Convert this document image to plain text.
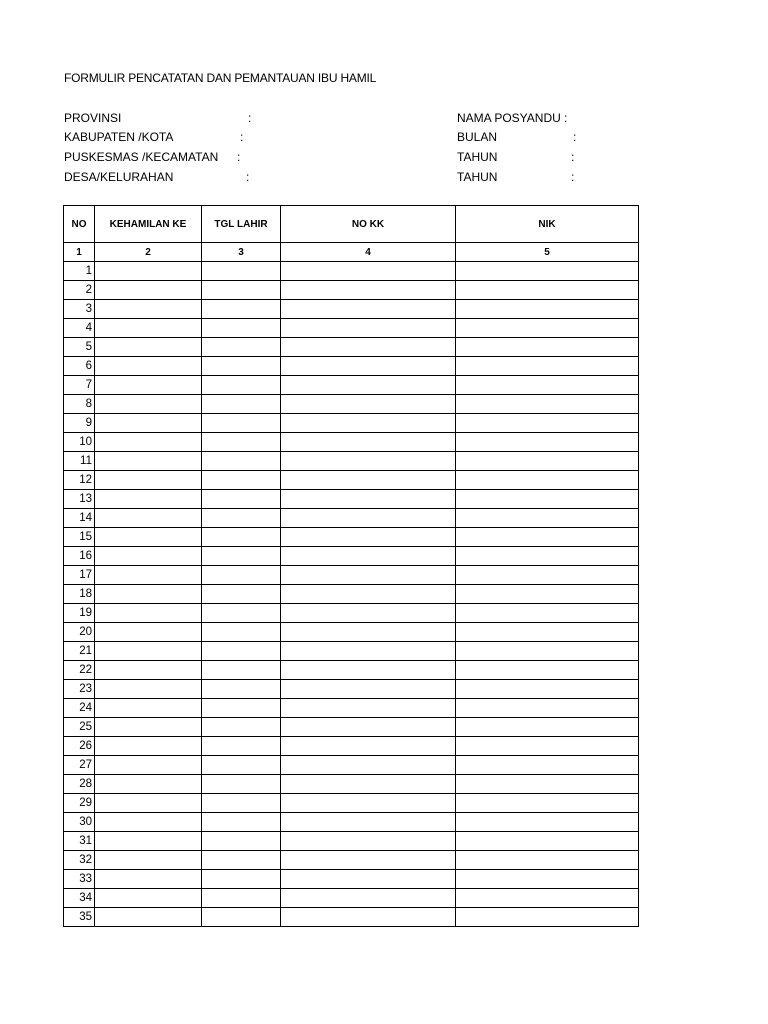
FORMULIR PENCATATAN DAN PEMANTAUAN IBU HAMIL
PROVINSI	:
KABUPATEN /KOTA	:
PUSKESMAS /KECAMATAN :
DESA/KELURAHAN	:
NAMA POSYANDU :
BULAN	:
TAHUN	:
TAHUN	:
NO	KEHAMILAN KE	TGL LAHIR	NO KK	NIK
1	2	3	4	5
1				
2				
3				
4				
5				
6				
7				
8				
9				
10				
11				
12				
13				
14				
15				
16				
17				
18				
19				
20				
21				
22				
23				
24				
25				
26				
27				
28				
29				
30				
31				
32				
33				
34				
35				
